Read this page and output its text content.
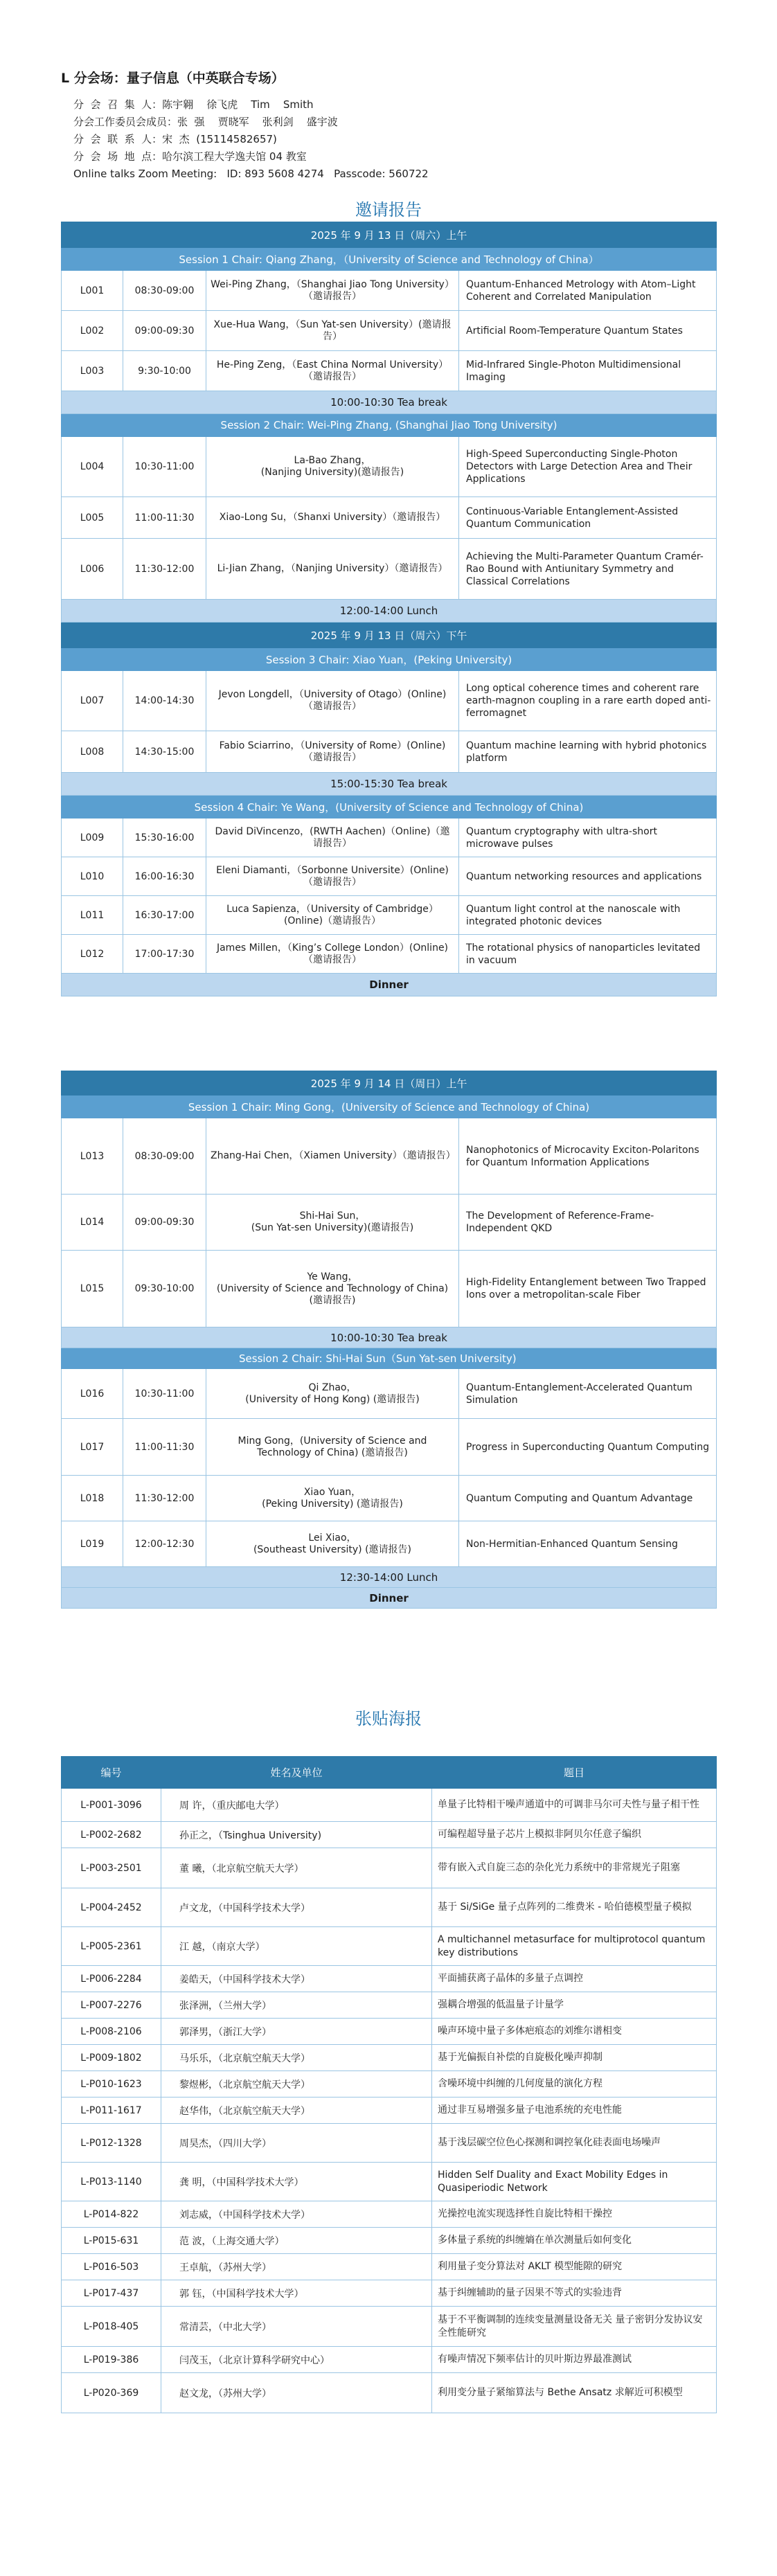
L 分会场：量子信息（中英联合专场）
分  会  召  集  人：陈宇翱    徐飞虎    Tim    Smith
分会工作委员会成员：张  强    贾晓军    张利剑    盛宇波
分  会  联  系  人：宋  杰  (15114582657)
分  会  场  地  点：哈尔滨工程大学逸夫馆 04 教室
Online talks Zoom Meeting:   ID: 893 5608 4274   Passcode: 560722
邀请报告
2025 年 9 月 13 日（周六）上午			
Session 1 Chair: Qiang Zhang，（University of Science and Technology of China）			
L001	08:30-09:00	Wei-Ping Zhang，（Shanghai Jiao Tong University）（邀请报告）	Quantum-Enhanced Metrology with Atom–Light Coherent and Correlated Manipulation
L002	09:00-09:30	Xue-Hua Wang，（Sun Yat-sen University）(邀请报告）	Artificial Room-Temperature Quantum States
L003	9:30-10:00	He-Ping Zeng，（East China Normal University）（邀请报告）	Mid-Infrared Single-Photon Multidimensional Imaging
10:00-10:30 Tea break			
Session 2 Chair: Wei-Ping Zhang, (Shanghai Jiao Tong University)			
L004	10:30-11:00	La-Bao Zhang，
(Nanjing University)(邀请报告)	High-Speed Superconducting Single-Photon Detectors with Large Detection Area and Their Applications
L005	11:00-11:30	Xiao-Long Su，（Shanxi University）（邀请报告）	Continuous-Variable Entanglement-Assisted Quantum Communication
L006	11:30-12:00	Li-Jian Zhang，（Nanjing University）（邀请报告）	Achieving the Multi-Parameter Quantum Cramér-Rao Bound with Antiunitary Symmetry and Classical Correlations
12:00-14:00 Lunch			
2025 年 9 月 13 日（周六）下午			
Session 3 Chair: Xiao Yuan，(Peking University)			
L007	14:00-14:30	Jevon Longdell，（University of Otago）(Online)（邀请报告）	Long optical coherence times and coherent rare earth-magnon coupling in a rare earth doped anti-ferromagnet
L008	14:30-15:00	Fabio Sciarrino，（University of Rome）(Online)（邀请报告）	Quantum machine learning with hybrid photonics platform
15:00-15:30 Tea break			
Session 4 Chair: Ye Wang，(University of Science and Technology of China)			
L009	15:30-16:00	David DiVincenzo，(RWTH Aachen)（Online)（邀请报告）	Quantum cryptography with ultra-short microwave pulses
L010	16:00-16:30	Eleni Diamanti，（Sorbonne Universite）(Online)（邀请报告）	Quantum networking resources and applications
L011	16:30-17:00	Luca Sapienza，（University of Cambridge）(Online)（邀请报告）	Quantum light control at the nanoscale with integrated photonic devices
L012	17:00-17:30	James Millen，（King’s College London）(Online)（邀请报告）	The rotational physics of nanoparticles levitated in vacuum
Dinner			
2025 年 9 月 14 日（周日）上午			
Session 1 Chair: Ming Gong，(University of Science and Technology of China)			
L013	08:30-09:00	Zhang-Hai Chen，（Xiamen University）（邀请报告）	Nanophotonics of Microcavity Exciton-Polaritons for Quantum Information Applications
L014	09:00-09:30	Shi-Hai Sun，
(Sun Yat-sen University)(邀请报告)	The Development of Reference-Frame-Independent QKD
L015	09:30-10:00	Ye Wang，
(University of Science and Technology of China)(邀请报告)	High-Fidelity Entanglement between Two Trapped Ions over a metropolitan-scale Fiber
10:00-10:30 Tea break			
Session 2 Chair: Shi-Hai Sun（Sun Yat-sen University)			
L016	10:30-11:00	Qi Zhao，
(University of Hong Kong) (邀请报告)	Quantum-Entanglement-Accelerated Quantum Simulation
L017	11:00-11:30	Ming Gong，(University of Science and Technology of China) (邀请报告)	Progress in Superconducting Quantum Computing
L018	11:30-12:00	Xiao Yuan，
(Peking University) (邀请报告)	Quantum Computing and Quantum Advantage
L019	12:00-12:30	Lei Xiao，
(Southeast University) (邀请报告)	Non-Hermitian-Enhanced Quantum Sensing
12:30-14:00 Lunch			
Dinner			
张贴海报
编号	姓名及单位	题目
L-P001-3096	周 许，（重庆邮电大学）	单量子比特相干噪声通道中的可调非马尔可夫性与量子相干性
L-P002-2682	孙正之，（Tsinghua University)	可编程超导量子芯片上模拟非阿贝尔任意子编织
L-P003-2501	董 曦，（北京航空航天大学）	带有嵌入式自旋三态的杂化光力系统中的非常规光子阻塞
L-P004-2452	卢文龙，（中国科学技术大学）	基于 Si/SiGe 量子点阵列的二维费米 - 哈伯德模型量子模拟
L-P005-2361	江 越，（南京大学）	A multichannel metasurface for multiprotocol quantum key distributions
L-P006-2284	姜皓天，（中国科学技术大学）	平面捕获离子晶体的多量子点调控
L-P007-2276	张泽洲，（兰州大学）	强耦合增强的低温量子计量学
L-P008-2106	郭泽男，（浙江大学）	噪声环境中量子多体疤痕态的刘维尔谱相变
L-P009-1802	马乐乐，（北京航空航天大学）	基于光偏振自补偿的自旋极化噪声抑制
L-P010-1623	黎煜彬，（北京航空航天大学）	含噪环境中纠缠的几何度量的演化方程
L-P011-1617	赵华伟，（北京航空航天大学）	通过非互易增强多量子电池系统的充电性能
L-P012-1328	周昊杰，（四川大学）	基于浅层碳空位色心探测和调控氧化硅表面电场噪声
L-P013-1140	龚 明，（中国科学技术大学）	Hidden Self Duality and Exact Mobility Edges in Quasiperiodic Network
L-P014-822	刘志威，（中国科学技术大学）	光操控电流实现选择性自旋比特相干操控
L-P015-631	范 波，（上海交通大学）	多体量子系统的纠缠熵在单次测量后如何变化
L-P016-503	王卓航，（苏州大学）	利用量子变分算法对 AKLT 模型能隙的研究
L-P017-437	郭 钰，（中国科学技术大学）	基于纠缠辅助的量子因果不等式的实验违背
L-P018-405	常清芸，（中北大学）	基于不平衡调制的连续变量测量设备无关 量子密钥分发协议安全性能研究
L-P019-386	闫茂玉，（北京计算科学研究中心）	有噪声情况下频率估计的贝叶斯边界最准测试
L-P020-369	赵文龙，（苏州大学）	利用变分量子紧缩算法与 Bethe Ansatz 求解近可积模型
